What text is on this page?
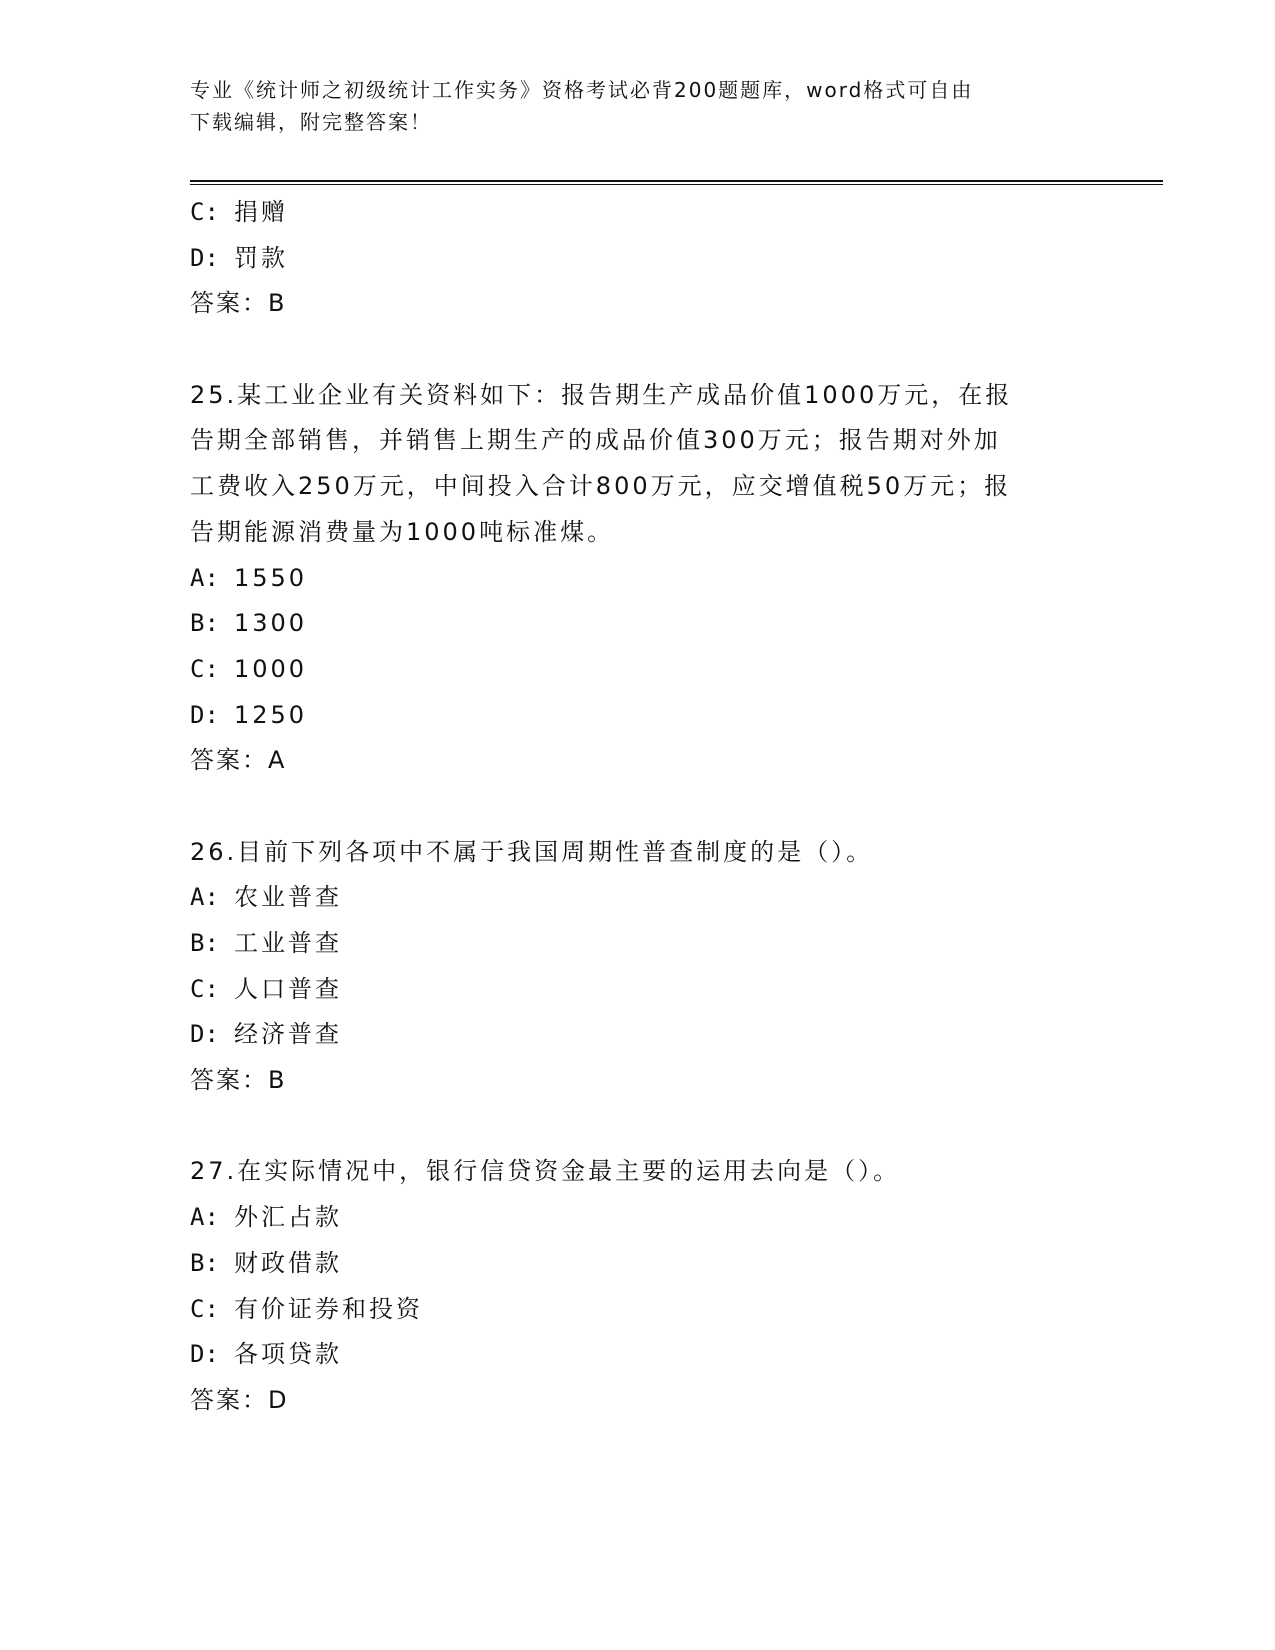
专业《统计师之初级统计工作实务》资格考试必背200题题库，word格式可自由
下载编辑，附完整答案！
C: 捐赠
D: 罚款
答案：B
25.某工业企业有关资料如下：报告期生产成品价值1000万元，在报
告期全部销售，并销售上期生产的成品价值300万元；报告期对外加
工费收入250万元，中间投入合计800万元，应交增值税50万元；报
告期能源消费量为1000吨标准煤。
A: 1550
B: 1300
C: 1000
D: 1250
答案：A
26.目前下列各项中不属于我国周期性普查制度的是（）。
A: 农业普查
B: 工业普查
C: 人口普查
D: 经济普查
答案：B
27.在实际情况中，银行信贷资金最主要的运用去向是（）。
A: 外汇占款
B: 财政借款
C: 有价证券和投资
D: 各项贷款
答案：D
